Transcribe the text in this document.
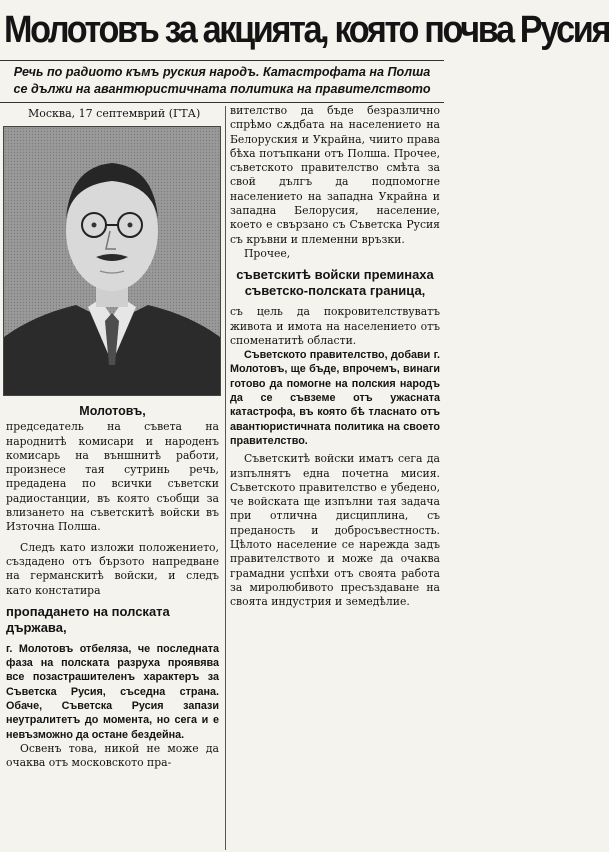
Молотовъ за акцията, която почва Русия
Речь по радиото къмъ руския народъ. Катастрофата на Полша се дължи на авантюристичната политика на правителството
Москва, 17 септемврий (ГТА)
Молотовъ,

председатель на съвета на народнитѣ комисари и народенъ комисарь на външнитѣ работи, произнесе тая сутринь речь, предадена по всички съветски радиостанции, въ която съобщи за влизането на съветскитѣ войски въ Източна Полша.

Следъ като изложи положението, създадено отъ бързото напредване на германскитѣ войски, и следъ като констатира

пропадането на полската държава,

г. Молотовъ отбеляза, че последната фаза на полската разруха проявява все позастрашителенъ характеръ за Съветска Русия, съседна страна. Обаче, Съветска Русия запази неутралитетъ до момента, но сега и е невъзможно да остане бездейна.

Освенъ това, никой не може да очаква отъ московското пра-

вителство да бъде безразлично спрѣмо сѫдбата на населението на Белоруския и Украйна, чиито права бѣха потъпкани отъ Полша. Прочее, съветското правителство смѣта за свой дългъ да подпомогне населението на западна Украйна и западна Белорусия, население, което е свързано съ Съветска Русия съ кръвни и племенни връзки.

Прочее,

съветскитѣ войски преминаха съветско-полската граница,

съ цель да покровителствуватъ живота и имота на населението отъ споменатитѣ области.

Съветското правителство, добави г. Молотовъ, ще бъде, впрочемъ, винаги готово да помогне на полския народъ да се съвземе отъ ужасната катастрофа, въ която бѣ тласнато отъ авантюристичната политика на своето правителство.

Съветскитѣ войски иматъ сега да изпълнятъ една почетна мисия. Съветското правителство е убедено, че войската ще изпълни тая задача при отлична дисциплина, съ преданость и добросъвестность. Цѣлото население се нарежда задъ правителството и може да очаква грамадни успѣхи отъ своята работа за миролюбивото пресъздаване на своята индустрия и земедѣлие.
